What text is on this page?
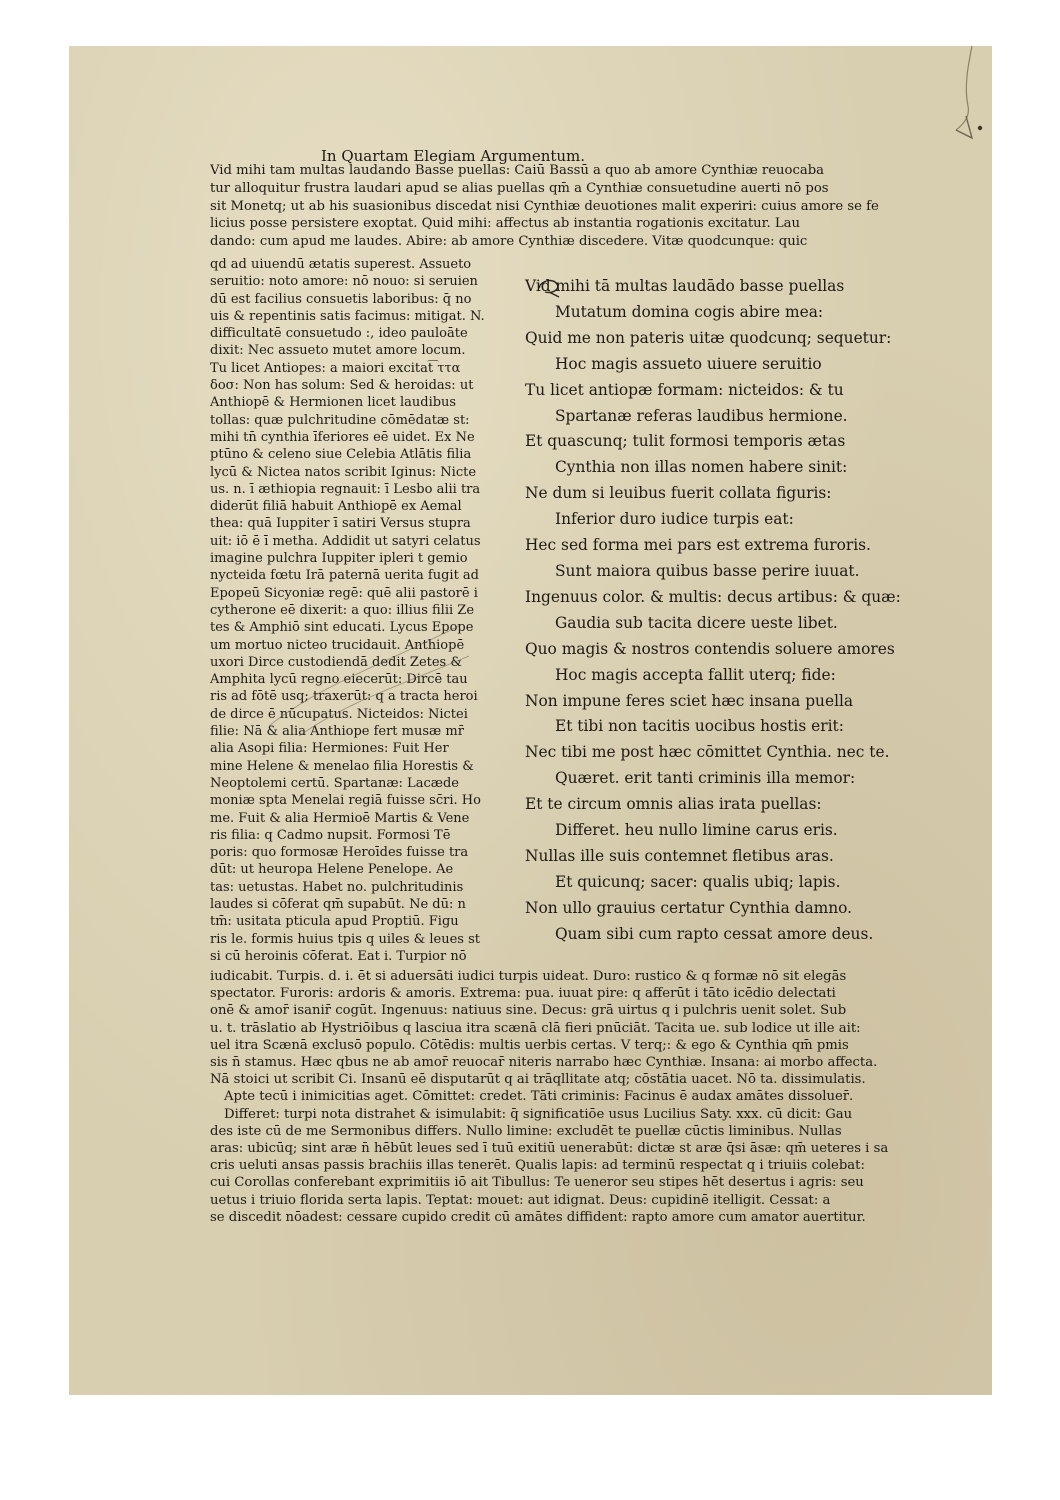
In Quartam Elegiam Argumentum.
Vid mihi tam multas laudando Basse puellas: Caiū Bassū a quo ab amore Cynthiæ reuocaba
tur alloquitur frustra laudari apud se alias puellas qm̄ a Cynthiæ consuetudine auerti nō pos
sit Monetq; ut ab his suasionibus discedat nisi Cynthiæ deuotiones malit experiri: cuius amore se fe
licius posse persistere exoptat. Quid mihi: affectus ab instantia rogationis excitatur. Lau
dando: cum apud me laudes. Abire: ab amore Cynthiæ discedere. Vitæ quodcunque: quic
qd ad uiuendū ætatis superest. Assueto
seruitio: noto amore: nō nouo: si seruien
dū est facilius consuetis laboribus: q̄ no
uis & repentinis satis facimus: mitigat. N.
difficultatē consuetudo :, ideo pauloāte
dixit: Nec assueto mutet amore locum.
Tu licet Antiopes: a maiori excitat͡ ττα
δοσ: Non has solum: Sed & heroidas: ut
Anthiopē & Hermionen licet laudibus
tollas: quæ pulchritudine cōmēdatæ st̄:
mihi tn̄ cynthia īferiores eē uidet̄. Ex Ne
ptūno & celeno siue Celebia Atlātis filia
lycū & Nictea natos scribit Iginus: Nicte
us. n. ī æthiopia regnauit: ī Lesbo alii tra
diderūt filiā habuit Anthiopē ex Aemal
thea: quā Iuppiter ī satiri Versus stupra
uit: iō ē ī metha. Addidit ut satyri celatus
imagine pulchra Iuppiter ipleri t gemio
nycteida fœtu Irā paternā uerita fugit ad
Epopeū Sicyoniæ regē: quē alii pastorē i
cytherone eē dixerit: a quo: illius filii Ze
tes & Amphiō sint educati. Lycus Epope
um mortuo nicteo trucidauit. Anthiopē
uxori Dirce custodiendā dedit Zetes &
Amphita lycū regno eiecerūt: Dircē tau
ris ad fōtē usq; traxerūt: q a tracta heroi
de dirce ē nūcupatus. Nicteidos: Nictei
filie: Nā & alia Anthiope fert̄ musæ mr̄
alia Asopi filia: Hermiones: Fuit Her
mine Helene & menelao filia Horestis &
Neoptolemi certū. Spartanæ: Lacæde
moniæ spta Menelai regiā fuisse sc̄ri. Ho
me. Fuit & alia Hermioē Martis & Vene
ris filia: q Cadmo nupsit. Formosi Tē
poris: quo formosæ Heroīdes fuisse tra
dūt: ut heuropa Helene Penelope. Ae
tas: uetustas. Habet no. pulchritudinis
laudes si cōferat qm̄ supabūt. Ne dū: n
tm̄: usitata pticula apud Proptiū. Figu
ris le. formis huius tpis q uiles & leues st̄
si cū heroinis cōferat̄. Eat i. Turpior nō
Vid mihi tā multas laudādo basse puellas
Mutatum domina cogis abire mea:
Quid me non pateris uitæ quodcunq; sequetur:
Hoc magis assueto uiuere seruitio
Tu licet antiopæ formam: nicteidos: & tu
Spartanæ referas laudibus hermione.
Et quascunq; tulit formosi temporis ætas
Cynthia non illas nomen habere sinit:
Ne dum si leuibus fuerit collata figuris:
Inferior duro iudice turpis eat:
Hec sed forma mei pars est extrema furoris.
Sunt maiora quibus basse perire iuuat.
Ingenuus color. & multis: decus artibus: & quæ:
Gaudia sub tacita dicere ueste libet.
Quo magis & nostros contendis soluere amores
Hoc magis accepta fallit uterq; fide:
Non impune feres sciet hæc insana puella
Et tibi non tacitis uocibus hostis erit:
Nec tibi me post hæc cōmittet Cynthia. nec te.
Quæret. erit tanti criminis illa memor:
Et te circum omnis alias irata puellas:
Differet. heu nullo limine carus eris.
Nullas ille suis contemnet fletibus aras.
Et quicunq; sacer: qualis ubiq; lapis.
Non ullo grauius certatur Cynthia damno.
Quam sibi cum rapto cessat amore deus.
iudicabit. Turpis. d. i. ēt si aduersāti iudici turpis uideat. Duro: rustico & q formæ nō sit elegās
spectator. Furoris: ardoris & amoris. Extrema: pua. iuuat pire: q afferūt i tāto icēdio delectati
onē & amor̄ isanir̄ cogūt. Ingenuus: natiuus sine. Decus: grā uirtus q i pulchris uenit solet. Sub
u. t. trāslatio ab Hystriōibus q lasciua itra scænā clā fieri pnūciāt. Tacita ue. sub lodice ut ille ait:
uel itra Scænā exclusō populo. Cōtēdis: multis uerbis certas. V terq;: & ego & Cynthia qm̄ pmis
sis n̄ stamus. Hæc qbus ne ab amor̄ reuocar̄ niteris narrabo hæc Cynthiæ. Insana: ai morbo affecta.
Nā stoici ut scribit Ci. Insanū eē disputarūt q ai trāqllitate atq; cōstātia uacet. Nō ta. dissimulatis.
Apte tecū i inimicitias aget. Cōmittet: credet. Tāti criminis: Facinus ē audax amātes dissoluer̄.
Differet: turpi nota distrahet & isimulabit: q̄ significatiōe usus Lucilius Saty. xxx. cū dicit: Gau
des iste cū de me Sermonibus differs. Nullo limine: excludēt te puellæ cūctis liminibus. Nullas
aras: ubicūq; sint aræ n̄ hēbūt leues sed ī tuū exitiū uenerabūt: dictæ st̄ aræ q̄si āsæ: qm̄ ueteres i sa
cris ueluti ansas passis brachiis illas tenerēt. Qualis lapis: ad terminū respectat q i triuiis colebat̄:
cui Corollas conferebant exprimitiis iō ait Tibullus: Te ueneror seu stipes hēt desertus i agris: seu
uetus i triuio florida serta lapis. Teptat̄: mouet̄: aut idignat̄. Deus: cupidinē itelligit. Cessat: a
se discedit nōadest: cessare cupido credit̄ cū amātes diffident: rapto amore cum amator auertitur.
